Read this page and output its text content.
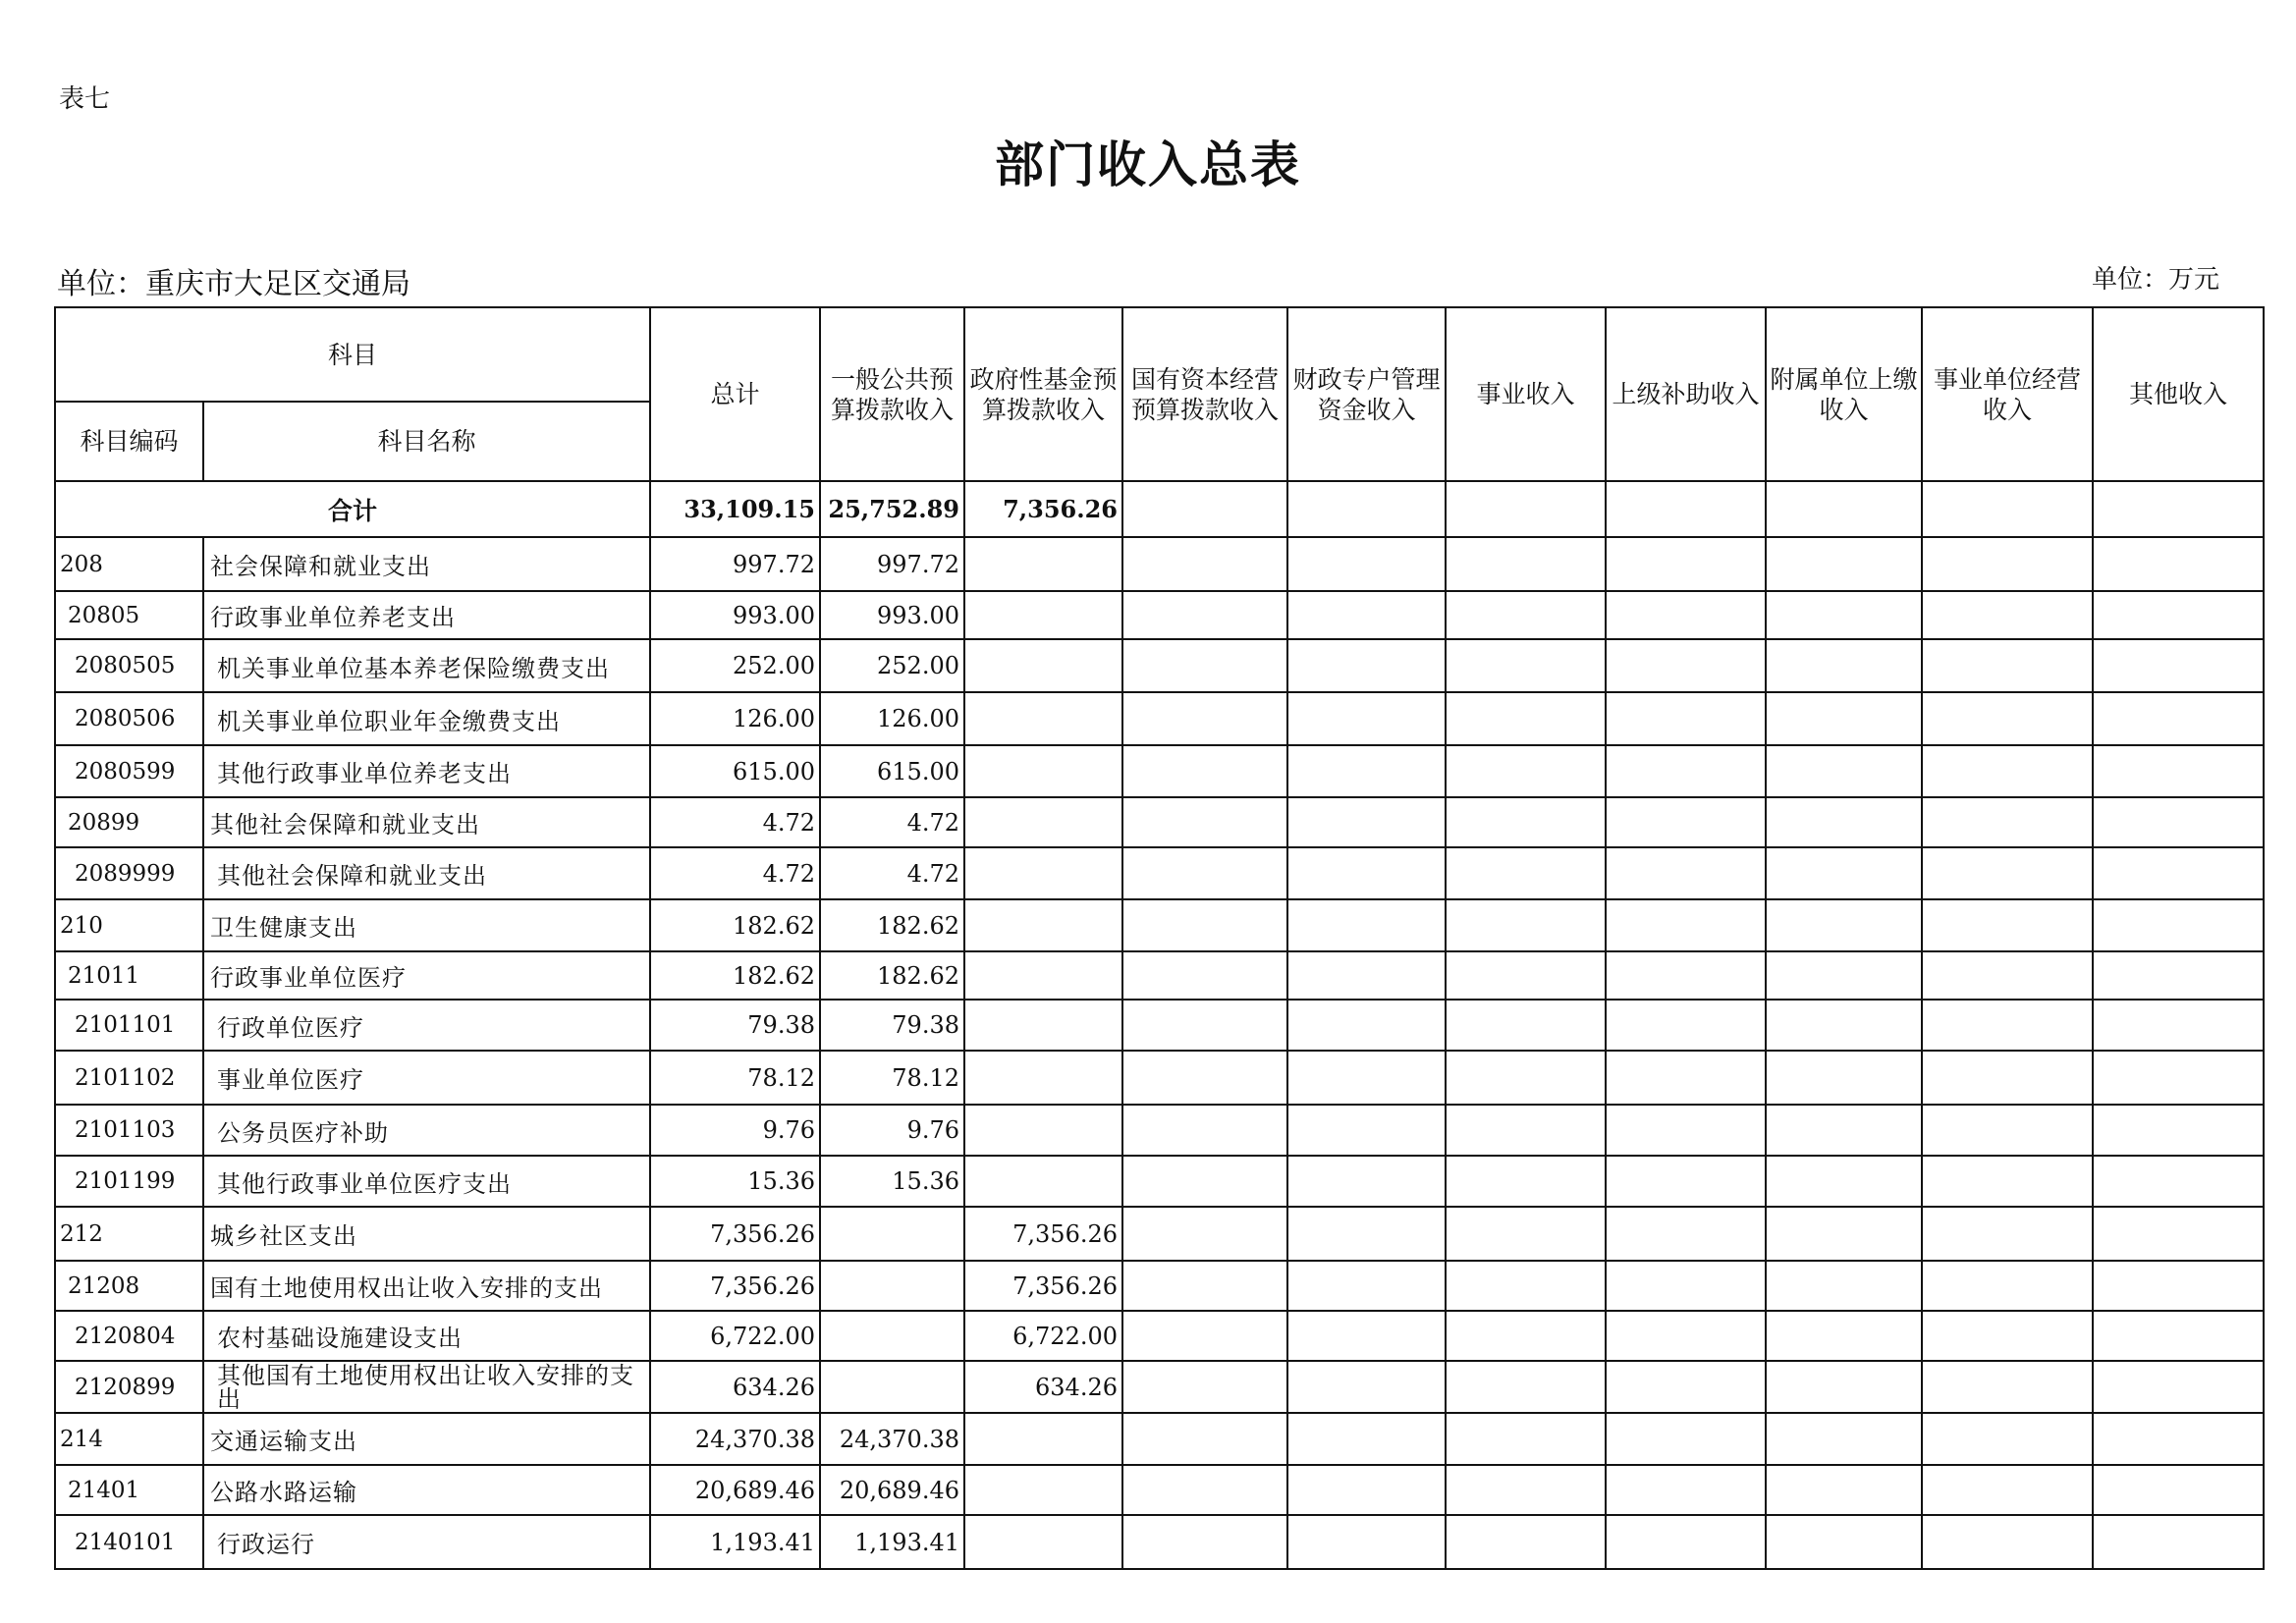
表七
部门收入总表
单位：重庆市大足区交通局	单位：万元
科目		总计	一般公共预算拨款收入	政府性基金预算拨款收入	国有资本经营预算拨款收入	财政专户管理资金收入	事业收入	上级补助收入	附属单位上缴收入	事业单位经营收入	其他收入
科目编码	科目名称										
合计		33,109.15	25,752.89	7,356.26							
208	社会保障和就业支出	997.72	997.72								
20805	行政事业单位养老支出	993.00	993.00								
2080505	机关事业单位基本养老保险缴费支出	252.00	252.00								
2080506	机关事业单位职业年金缴费支出	126.00	126.00								
2080599	其他行政事业单位养老支出	615.00	615.00								
20899	其他社会保障和就业支出	4.72	4.72								
2089999	其他社会保障和就业支出	4.72	4.72								
210	卫生健康支出	182.62	182.62								
21011	行政事业单位医疗	182.62	182.62								
2101101	行政单位医疗	79.38	79.38								
2101102	事业单位医疗	78.12	78.12								
2101103	公务员医疗补助	9.76	9.76								
2101199	其他行政事业单位医疗支出	15.36	15.36								
212	城乡社区支出	7,356.26		7,356.26							
21208	国有土地使用权出让收入安排的支出	7,356.26		7,356.26							
2120804	农村基础设施建设支出	6,722.00		6,722.00							
2120899	其他国有土地使用权出让收入安排的支出	634.26		634.26							
214	交通运输支出	24,370.38	24,370.38								
21401	公路水路运输	20,689.46	20,689.46								
2140101	行政运行	1,193.41	1,193.41								
